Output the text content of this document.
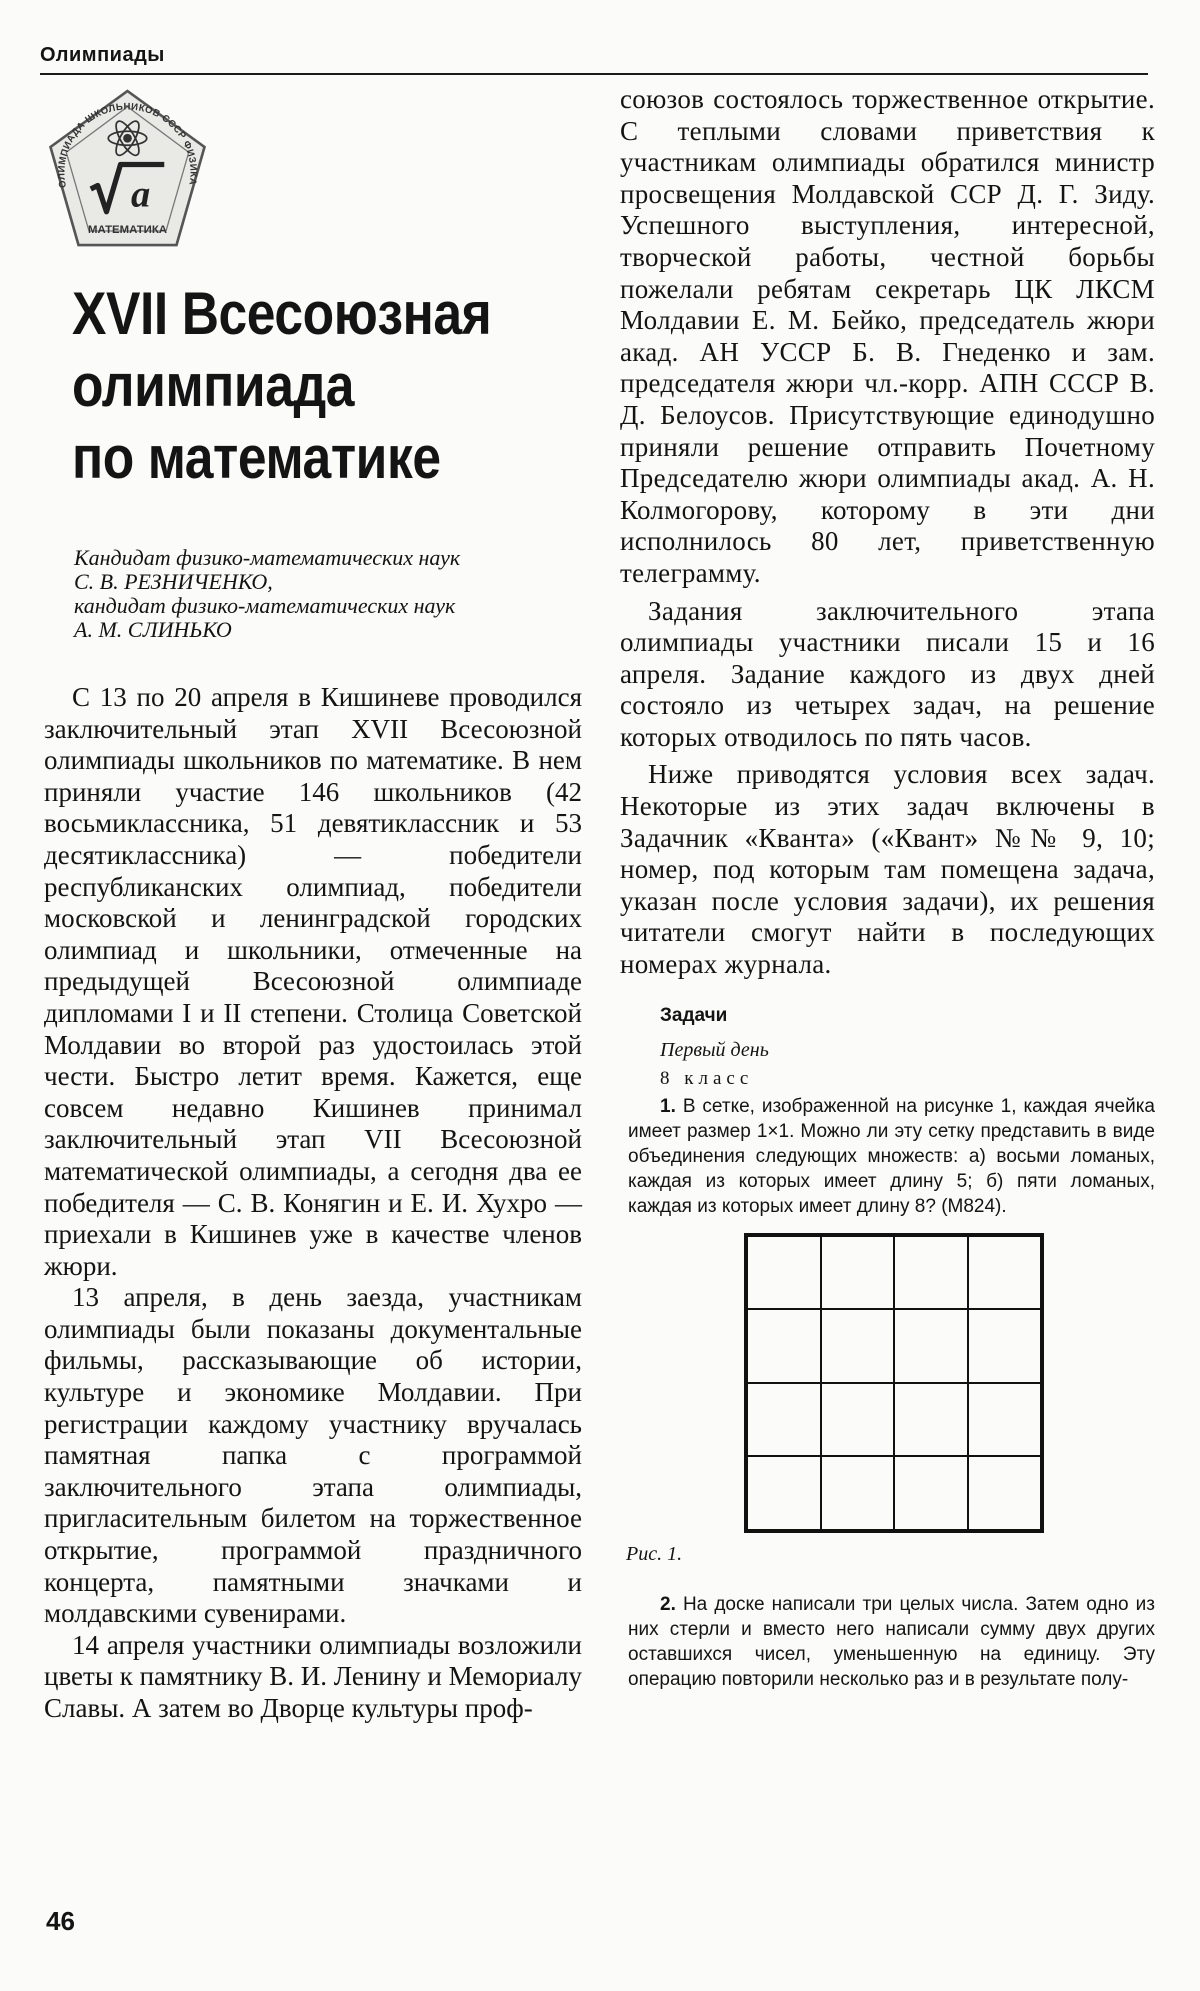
Олимпиады
ОЛИМПИАДА ШКОЛЬНИКОВ СССР ФИЗИКА
a
МАТЕМАТИКА
XVII Всесоюзная
олимпиада
по математике
Кандидат физико-математических наук
С. В. РЕЗНИЧЕНКО,
кандидат физико-математических наук
А. М. СЛИНЬКО

С 13 по 20 апреля в Кишиневе проводился заключительный этап XVII Всесоюзной олимпиады школьников по математике. В нем приняли участие 146 школьников (42 восьмиклассника, 51 девятиклассник и 53 десятиклассника) — победители республиканских олимпиад, победители московской и ленинградской городских олимпиад и школьники, отмеченные на предыдущей Всесоюзной олимпиаде дипломами I и II степени. Столица Советской Молдавии во второй раз удостоилась этой чести. Быстро летит время. Кажется, еще совсем недавно Кишинев принимал заключительный этап VII Всесоюзной математической олимпиады, а сегодня два ее победителя — С. В. Конягин и Е. И. Хухро — приехали в Кишинев уже в качестве членов жюри.

13 апреля, в день заезда, участникам олимпиады были показаны документальные фильмы, рассказывающие об истории, культуре и экономике Молдавии. При регистрации каждому участнику вручалась памятная папка с программой заключительного этапа олимпиады, пригласительным билетом на торжественное открытие, программой праздничного концерта, памятными значками и молдавскими сувенирами.

14 апреля участники олимпиады возложили цветы к памятнику В. И. Ленину и Мемориалу Славы. А затем во Дворце культуры проф-

союзов состоялось торжественное открытие. С теплыми словами приветствия к участникам олимпиады обратился министр просвещения Молдавской ССР Д. Г. Зиду. Успешного выступления, интересной, творческой работы, честной борьбы пожелали ребятам секретарь ЦК ЛКСМ Молдавии Е. М. Бейко, председатель жюри акад. АН УССР Б. В. Гнеденко и зам. председателя жюри чл.-корр. АПН СССР В. Д. Белоусов. Присутствующие единодушно приняли решение отправить Почетному Председателю жюри олимпиады акад. А. Н. Колмогорову, которому в эти дни исполнилось 80 лет, приветственную телеграмму.

Задания заключительного этапа олимпиады участники писали 15 и 16 апреля. Задание каждого из двух дней состояло из четырех задач, на решение которых отводилось по пять часов.

Ниже приводятся условия всех задач. Некоторые из этих задач включены в Задачник «Кванта» («Квант» №№ 9, 10; номер, под которым там помещена задача, указан после условия задачи), их решения читатели смогут найти в последующих номерах журнала.

Задачи
Первый день
8 класс

1. В сетке, изображенной на рисунке 1, каждая ячейка имеет размер 1×1. Можно ли эту сетку представить в виде объединения следующих множеств: а) восьми ломаных, каждая из которых имеет длину 5; б) пяти ломаных, каждая из которых имеет длину 8? (М824).

Рис. 1.

2. На доске написали три целых числа. Затем одно из них стерли и вместо него написали сумму двух других оставшихся чисел, уменьшенную на единицу. Эту операцию повторили несколько раз и в результате полу-

46
